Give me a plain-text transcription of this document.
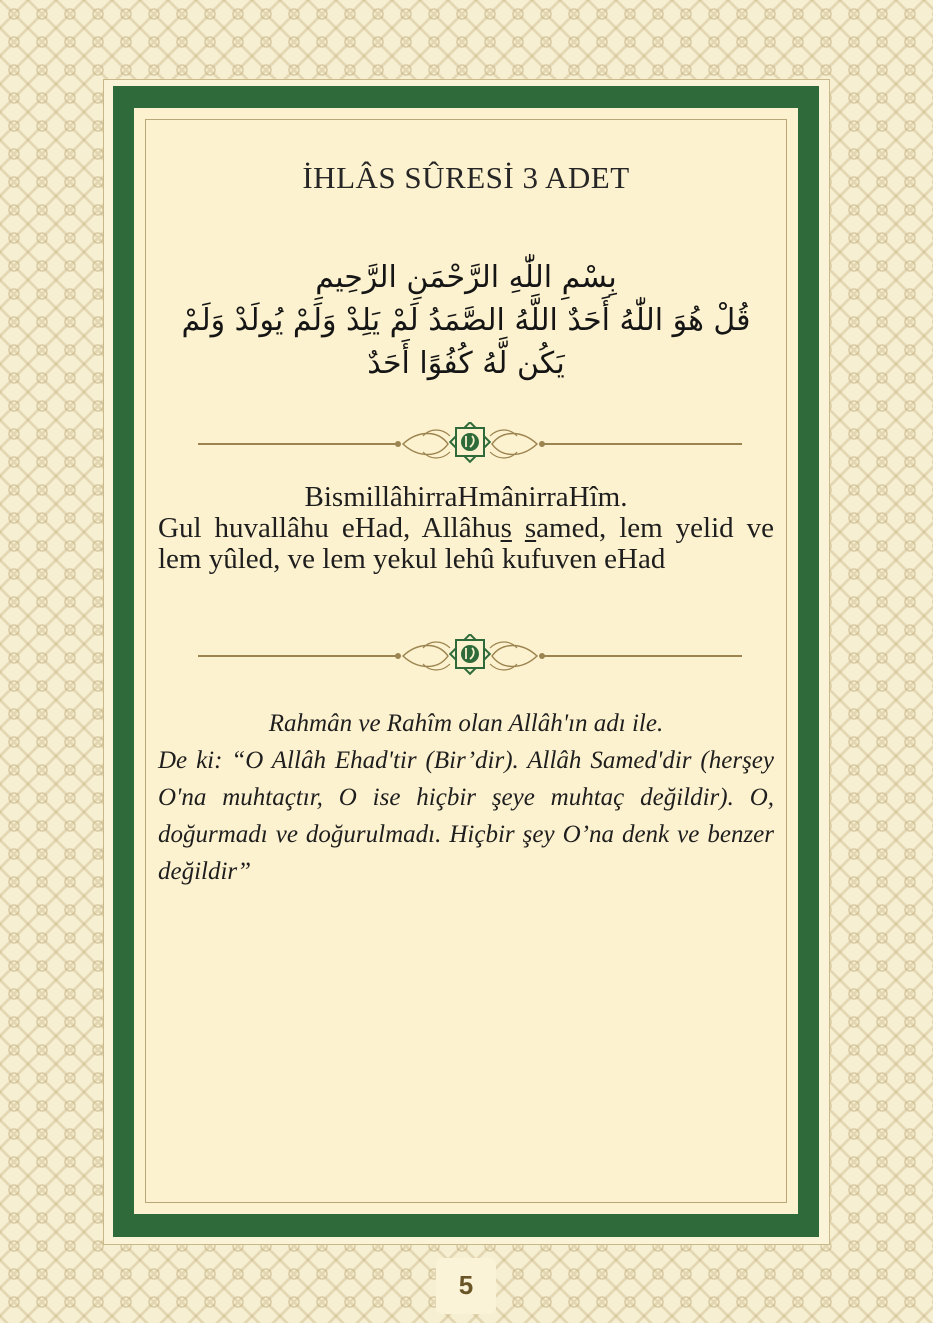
İHLÂS SÛRESİ 3 ADET
بِسْمِ اللّٰهِ الرَّحْمَنِ الرَّحِيمِ
قُلْ هُوَ اللّٰهُ أَحَدٌ اللَّهُ الصَّمَدُ لَمْ يَلِدْ وَلَمْ يُولَدْ وَلَمْ
يَكُن لَّهُ كُفُوًا أَحَدٌ
BismillâhirraHmânirraHîm.
Gul huvallâhu eHad, Allâhus samed, lem yelid ve lem yûled, ve lem yekul lehû kufuven eHad
Rahmân ve Rahîm olan Allâh'ın adı ile.
De ki: “O Allâh Ehad'tir (Bir’dir). Allâh Samed'dir (herşey O'na muhtaçtır, O ise hiçbir şeye muhtaç değildir). O, doğurmadı ve doğurulmadı. Hiçbir şey O’na denk ve benzer değildir”
5
